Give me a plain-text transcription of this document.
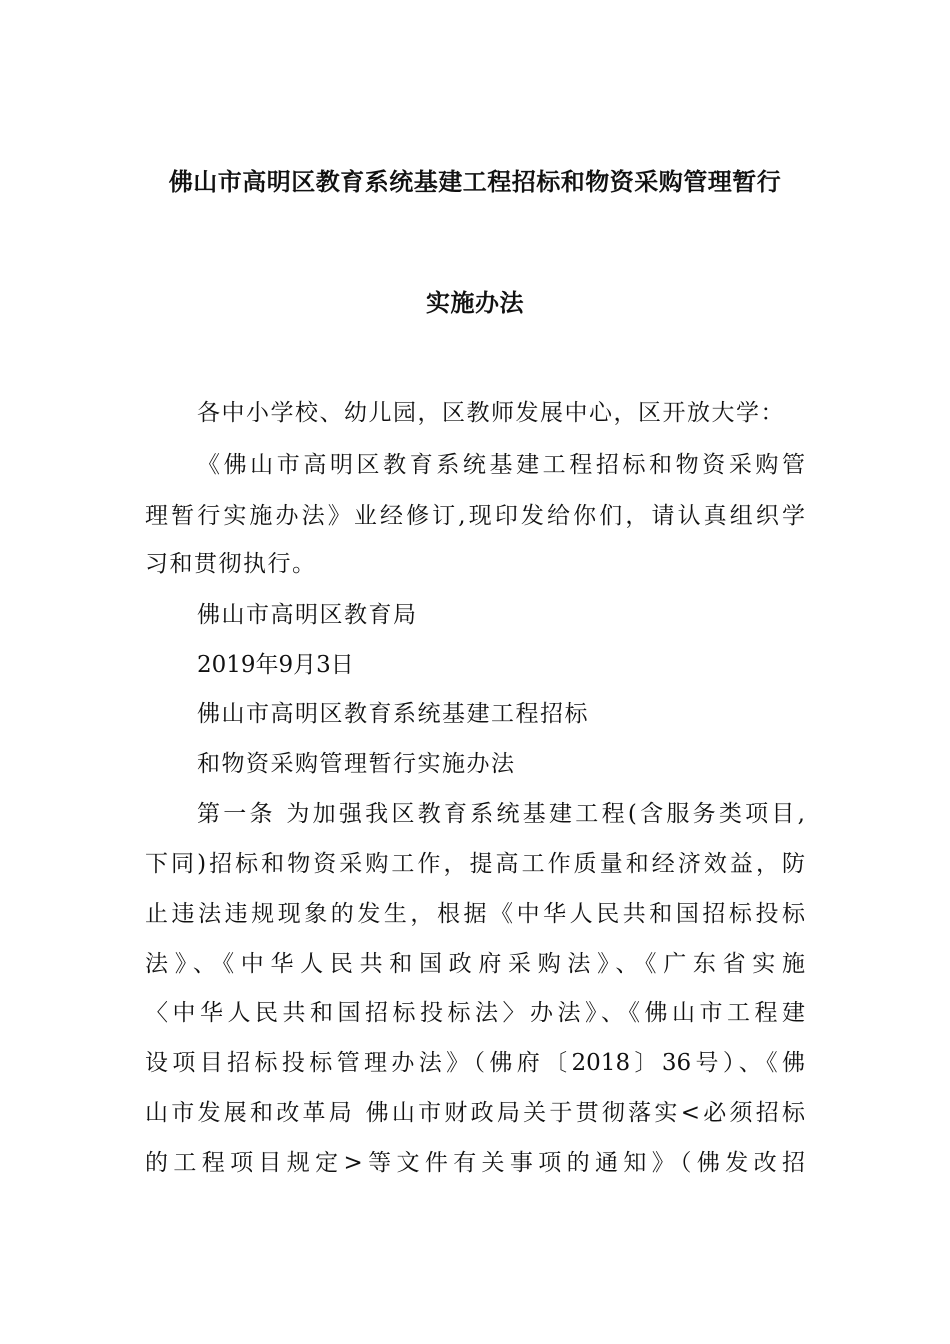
佛山市高明区教育系统基建工程招标和物资采购管理暂行
实施办法
各中小学校、幼儿园，区教师发展中心，区开放大学：
《佛山市高明区教育系统基建工程招标和物资采购管
理暂行实施办法》业经修订,现印发给你们，请认真组织学
习和贯彻执行。
佛山市高明区教育局
2019年9月3日
佛山市高明区教育系统基建工程招标
和物资采购管理暂行实施办法
第一条 为加强我区教育系统基建工程(含服务类项目,
下同)招标和物资采购工作，提高工作质量和经济效益，防
止违法违规现象的发生，根据《中华人民共和国招标投标
法》、《中华人民共和国政府采购法》、《广东省实施
〈中华人民共和国招标投标法〉办法》、《佛山市工程建
设项目招标投标管理办法》（佛府〔2018〕36号）、《佛
山市发展和改革局 佛山市财政局关于贯彻落实<必须招标
的工程项目规定>等文件有关事项的通知》（佛发改招
